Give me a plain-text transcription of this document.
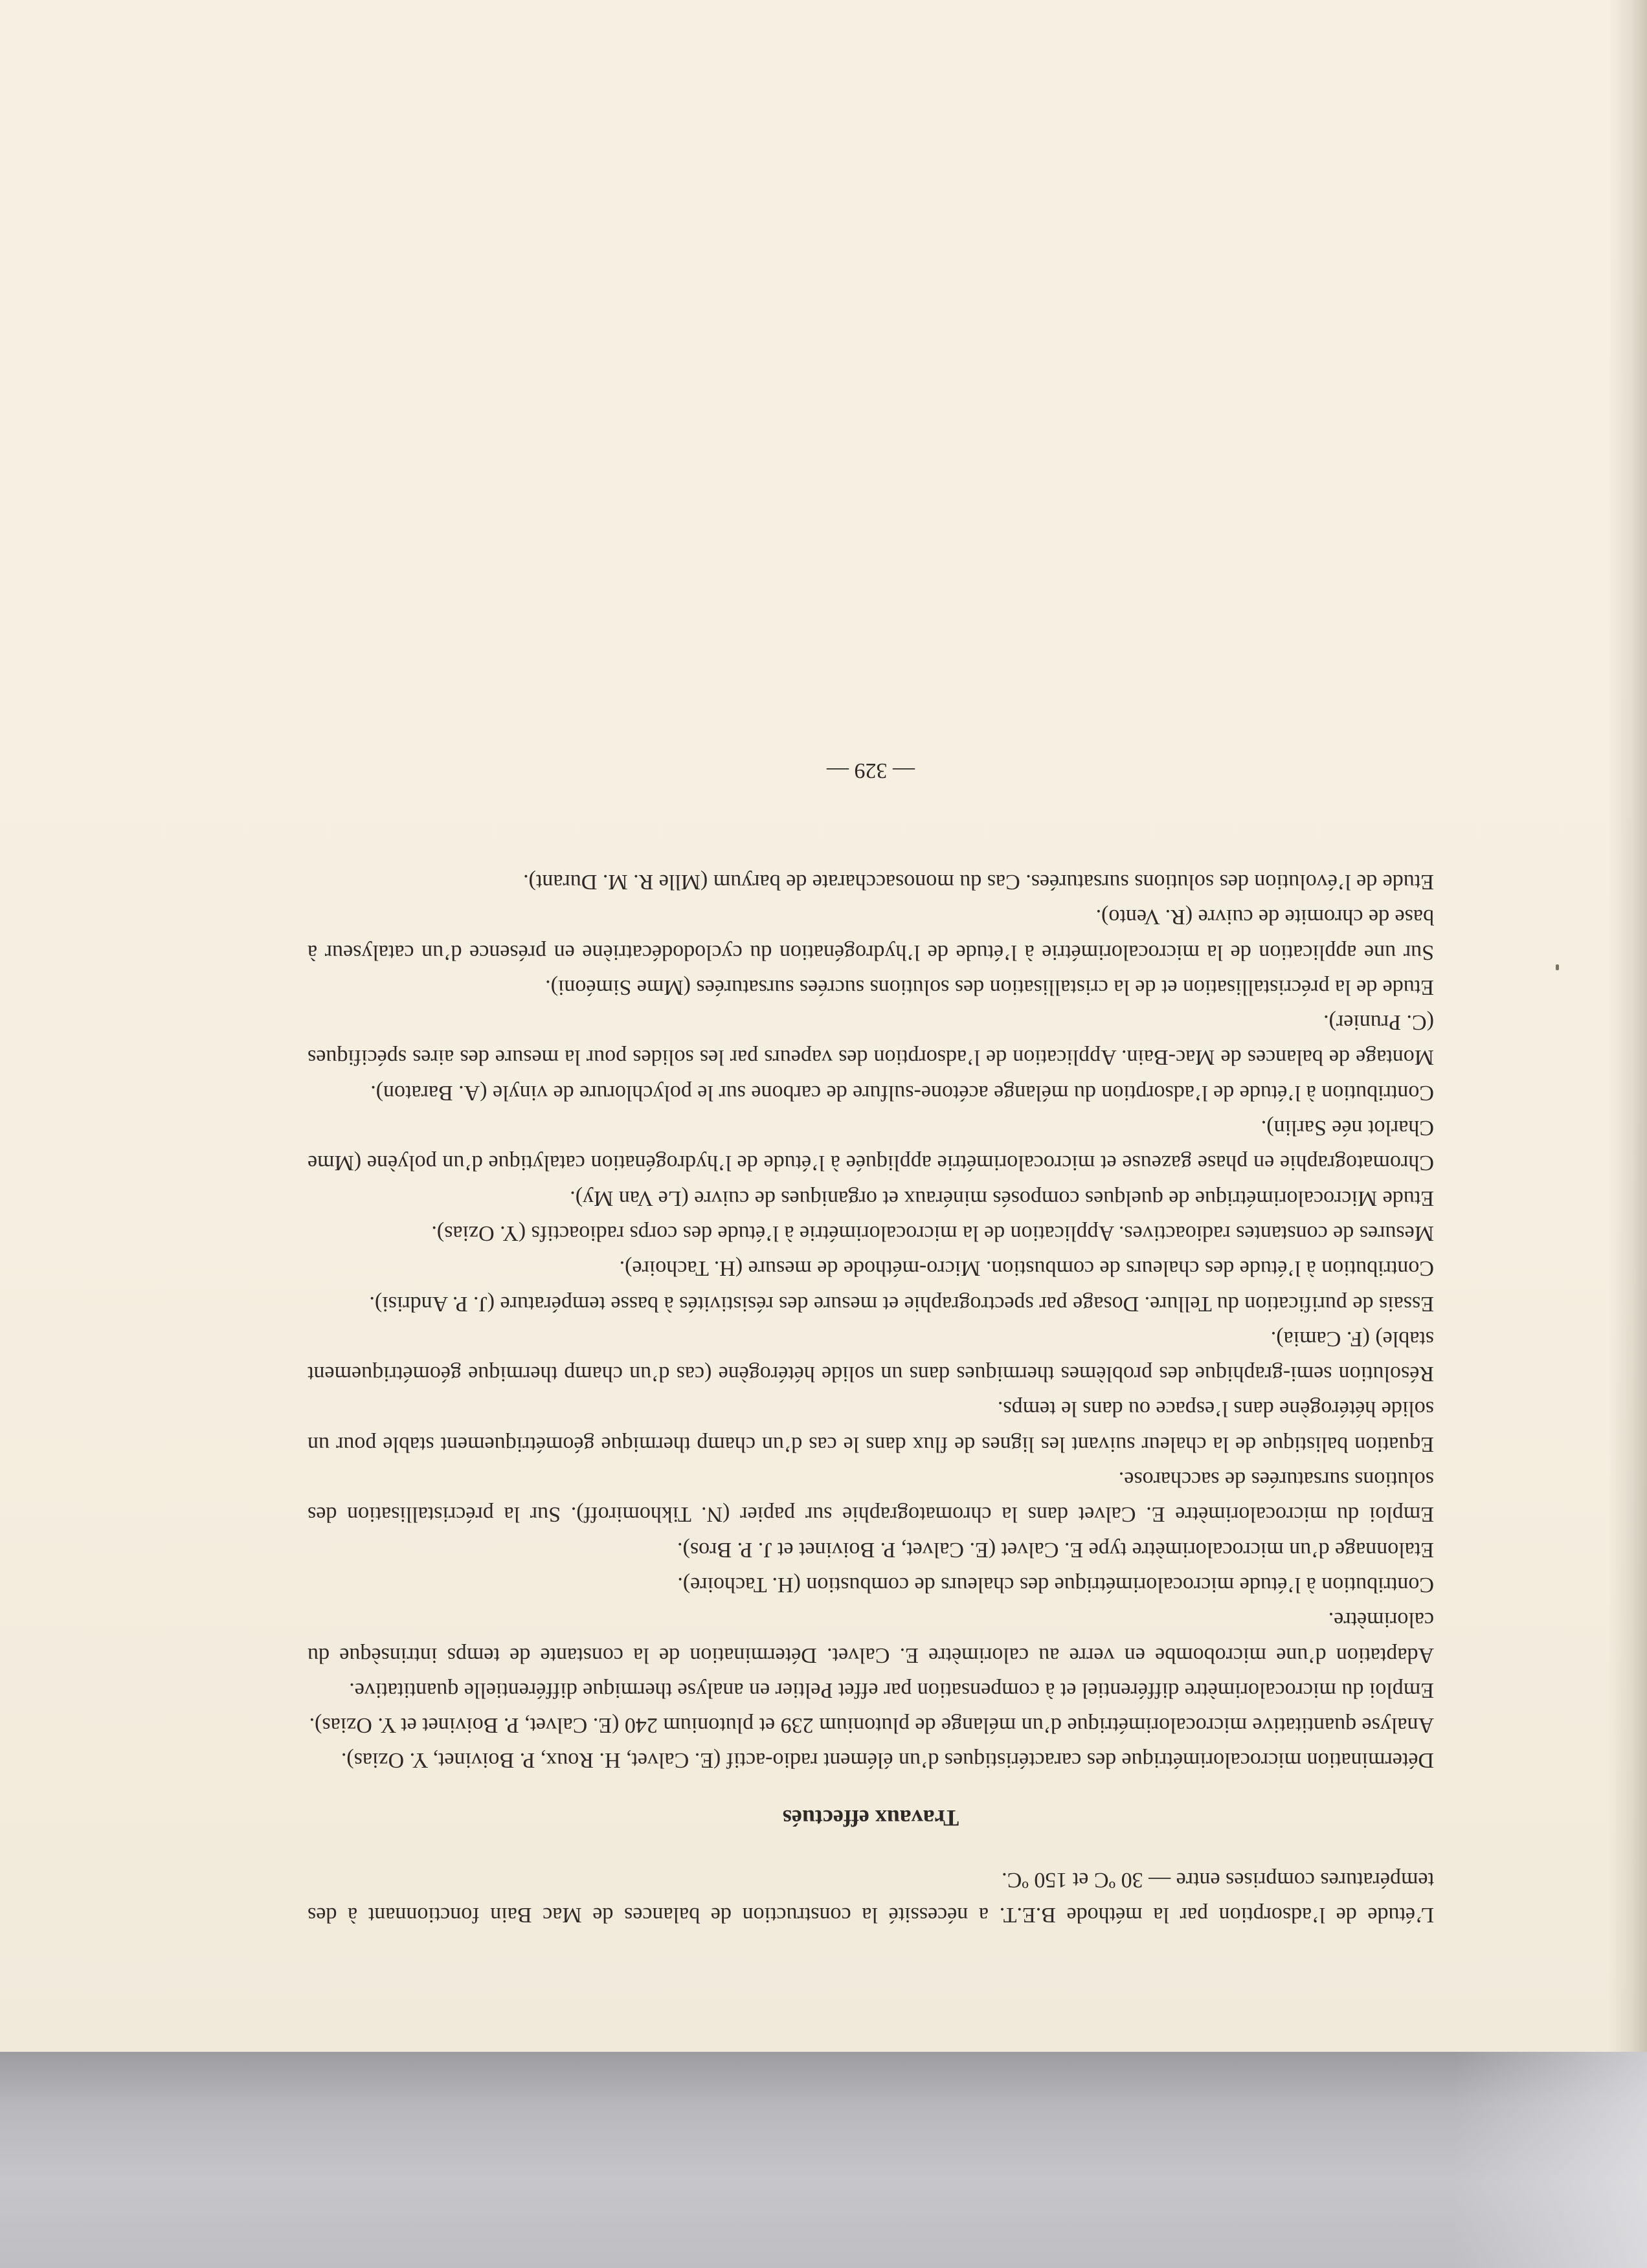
L’étude de l’adsorption par la méthode B.E.T. a nécessité la construction de balances de Mac Bain fonctionnant à des températures comprises entre — 30 ºC et 150 ºC.

Travaux effectués

Détermination microcalorimétrique des caractéristiques d’un élément radio-actif (E. Calvet, H. Roux, P. Boivinet, Y. Ozias).

Analyse quantitative microcalorimétrique d’un mélange de plutonium 239 et plutonium 240 (E. Calvet, P. Boivinet et Y. Ozias).

Emploi du microcalorimètre différentiel et à compensation par effet Peltier en analyse thermique différentielle quantitative.

Adaptation d’une microbombe en verre au calorimètre E. Calvet. Détermination de la constante de temps intrinsèque du calorimètre.

Contribution à l’étude microcalorimétrique des chaleurs de combustion (H. Tachoire).

Etalonnage d’un microcalorimètre type E. Calvet (E. Calvet, P. Boivinet et J. P. Bros).

Emploi du microcalorimètre E. Calvet dans la chromatographie sur papier (N. Tikhomiroff). Sur la précristallisation des solutions sursaturées de saccharose.

Equation balistique de la chaleur suivant les lignes de flux dans le cas d’un champ thermique géométriquement stable pour un solide hétérogène dans l’espace ou dans le temps.

Résolution semi-graphique des problèmes thermiques dans un solide hétérogène (cas d’un champ thermique géométriquement stable) (F. Camia).

Essais de purification du Tellure. Dosage par spectrographie et mesure des résistivités à basse température (J. P. Andrisi).

Contribution à l’étude des chaleurs de combustion. Micro-méthode de mesure (H. Tachoire).

Mesures de constantes radioactives. Application de la microcalorimétrie à l’étude des corps radioactifs (Y. Ozias).

Etude Microcalorimétrique de quelques composés minéraux et organiques de cuivre (Le Van My).

Chromatographie en phase gazeuse et microcalorimétrie appliquée à l’étude de l’hydrogénation catalytique d’un polyène (Mme Charlot née Sarlin).

Contribution à l’étude de l’adsorption du mélange acétone-sulfure de carbone sur le polychlorure de vinyle (A. Baraton).

Montage de balances de Mac-Bain. Application de l’adsorption des vapeurs par les solides pour la mesure des aires spécifiques (C. Prunier).

Etude de la précristallisation et de la cristallisation des solutions sucrées sursaturées (Mme Siméoni).

Sur une application de la microcalorimétrie à l’étude de l’hydrogénation du cyclododécatriène en présence d’un catalyseur à base de chromite de cuivre (R. Vento).

Etude de l’évolution des solutions sursaturées. Cas du monosaccharate de baryum (Mlle R. M. Durant).

— 329 —
